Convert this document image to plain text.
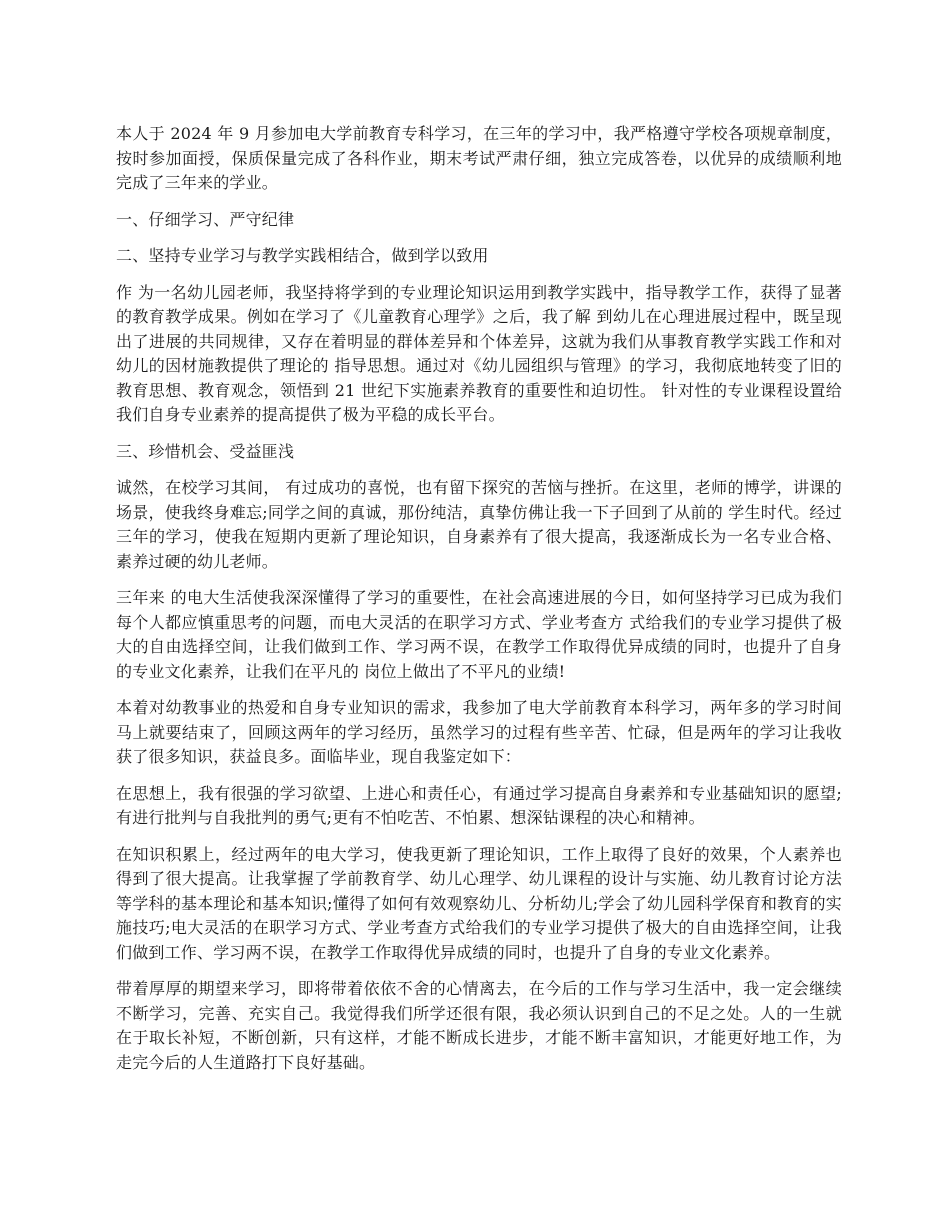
本人于 2024 年 9 月参加电大学前教育专科学习，在三年的学习中，我严格遵守学校各项规章制度，按时参加面授，保质保量完成了各科作业，期末考试严肃仔细，独立完成答卷，以优异的成绩顺利地完成了三年来的学业。

一、仔细学习、严守纪律

二、坚持专业学习与教学实践相结合，做到学以致用

作 为一名幼儿园老师，我坚持将学到的专业理论知识运用到教学实践中，指导教学工作，获得了显著的教育教学成果。例如在学习了《儿童教育心理学》之后，我了解 到幼儿在心理进展过程中，既呈现出了进展的共同规律，又存在着明显的群体差异和个体差异，这就为我们从事教育教学实践工作和对幼儿的因材施教提供了理论的 指导思想。通过对《幼儿园组织与管理》的学习，我彻底地转变了旧的教育思想、教育观念，领悟到 21 世纪下实施素养教育的重要性和迫切性。 针对性的专业课程设置给我们自身专业素养的提高提供了极为平稳的成长平台。

三、珍惜机会、受益匪浅

诚然，在校学习其间， 有过成功的喜悦，也有留下探究的苦恼与挫折。在这里，老师的博学，讲课的场景，使我终身难忘;同学之间的真诚，那份纯洁，真挚仿佛让我一下子回到了从前的 学生时代。经过三年的学习，使我在短期内更新了理论知识，自身素养有了很大提高，我逐渐成长为一名专业合格、素养过硬的幼儿老师。

三年来 的电大生活使我深深懂得了学习的重要性，在社会高速进展的今日，如何坚持学习已成为我们每个人都应慎重思考的问题，而电大灵活的在职学习方式、学业考查方 式给我们的专业学习提供了极大的自由选择空间，让我们做到工作、学习两不误，在教学工作取得优异成绩的同时，也提升了自身的专业文化素养，让我们在平凡的 岗位上做出了不平凡的业绩!

本着对幼教事业的热爱和自身专业知识的需求，我参加了电大学前教育本科学习，两年多的学习时间马上就要结束了，回顾这两年的学习经历，虽然学习的过程有些辛苦、忙碌，但是两年的学习让我收获了很多知识，获益良多。面临毕业，现自我鉴定如下：

在思想上，我有很强的学习欲望、上进心和责任心，有通过学习提高自身素养和专业基础知识的愿望;有进行批判与自我批判的勇气;更有不怕吃苦、不怕累、想深钻课程的决心和精神。

在知识积累上，经过两年的电大学习，使我更新了理论知识，工作上取得了良好的效果，个人素养也得到了很大提高。让我掌握了学前教育学、幼儿心理学、幼儿课程的设计与实施、幼儿教育讨论方法等学科的基本理论和基本知识;懂得了如何有效观察幼儿、分析幼儿;学会了幼儿园科学保育和教育的实施技巧;电大灵活的在职学习方式、学业考查方式给我们的专业学习提供了极大的自由选择空间，让我们做到工作、学习两不误，在教学工作取得优异成绩的同时，也提升了自身的专业文化素养。

带着厚厚的期望来学习，即将带着依依不舍的心情离去，在今后的工作与学习生活中，我一定会继续不断学习，完善、充实自己。我觉得我们所学还很有限，我必须认识到自己的不足之处。人的一生就在于取长补短，不断创新，只有这样，才能不断成长进步，才能不断丰富知识，才能更好地工作，为走完今后的人生道路打下良好基础。
